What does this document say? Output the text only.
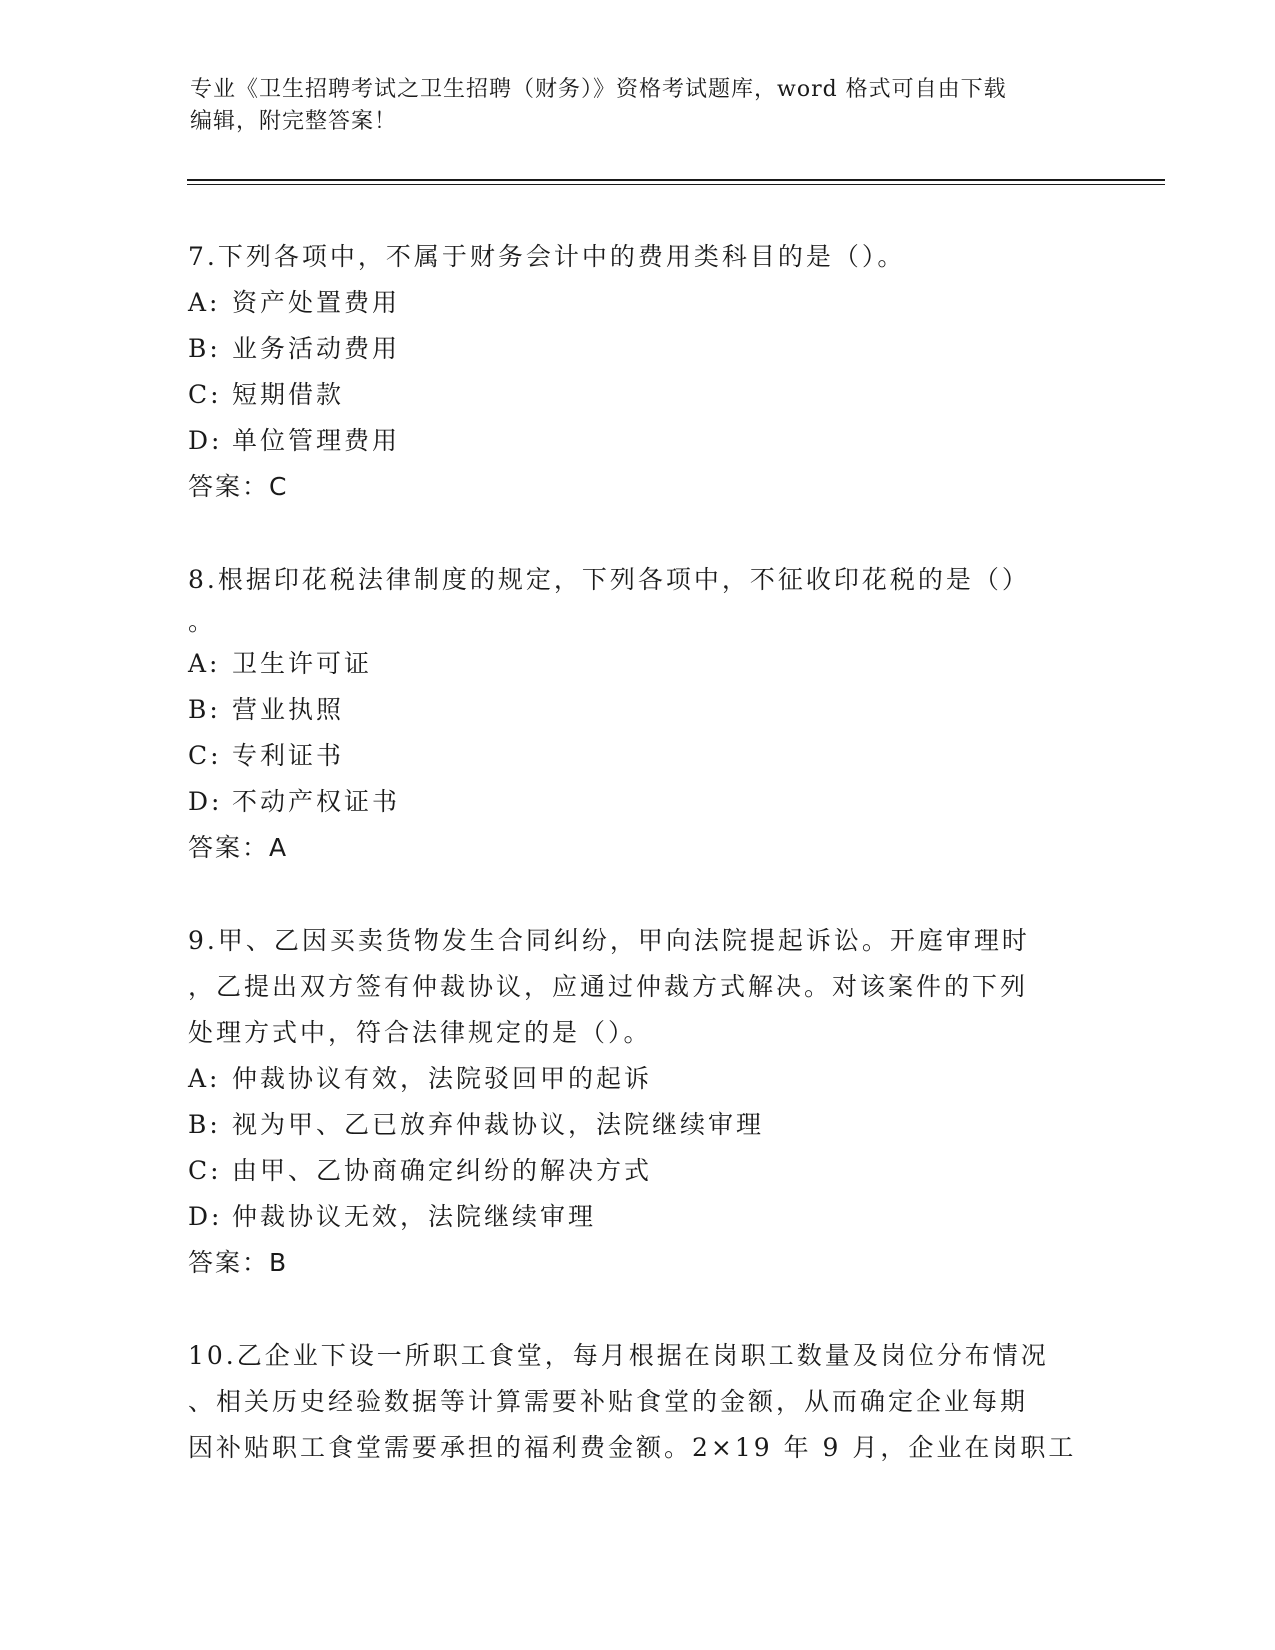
专业《卫生招聘考试之卫生招聘（财务）》资格考试题库，word 格式可自由下载
编辑，附完整答案！

7.下列各项中，不属于财务会计中的费用类科目的是（）。

A: 资产处置费用

B: 业务活动费用

C: 短期借款

D: 单位管理费用

答案：C

8.根据印花税法律制度的规定，下列各项中，不征收印花税的是（）

。

A: 卫生许可证

B: 营业执照

C: 专利证书

D: 不动产权证书

答案：A

9.甲、乙因买卖货物发生合同纠纷，甲向法院提起诉讼。开庭审理时

，乙提出双方签有仲裁协议，应通过仲裁方式解决。对该案件的下列

处理方式中，符合法律规定的是（）。

A: 仲裁协议有效，法院驳回甲的起诉

B: 视为甲、乙已放弃仲裁协议，法院继续审理

C: 由甲、乙协商确定纠纷的解决方式

D: 仲裁协议无效，法院继续审理

答案：B

10.乙企业下设一所职工食堂，每月根据在岗职工数量及岗位分布情况

、相关历史经验数据等计算需要补贴食堂的金额，从而确定企业每期

因补贴职工食堂需要承担的福利费金额。2×19 年 9 月，企业在岗职工
